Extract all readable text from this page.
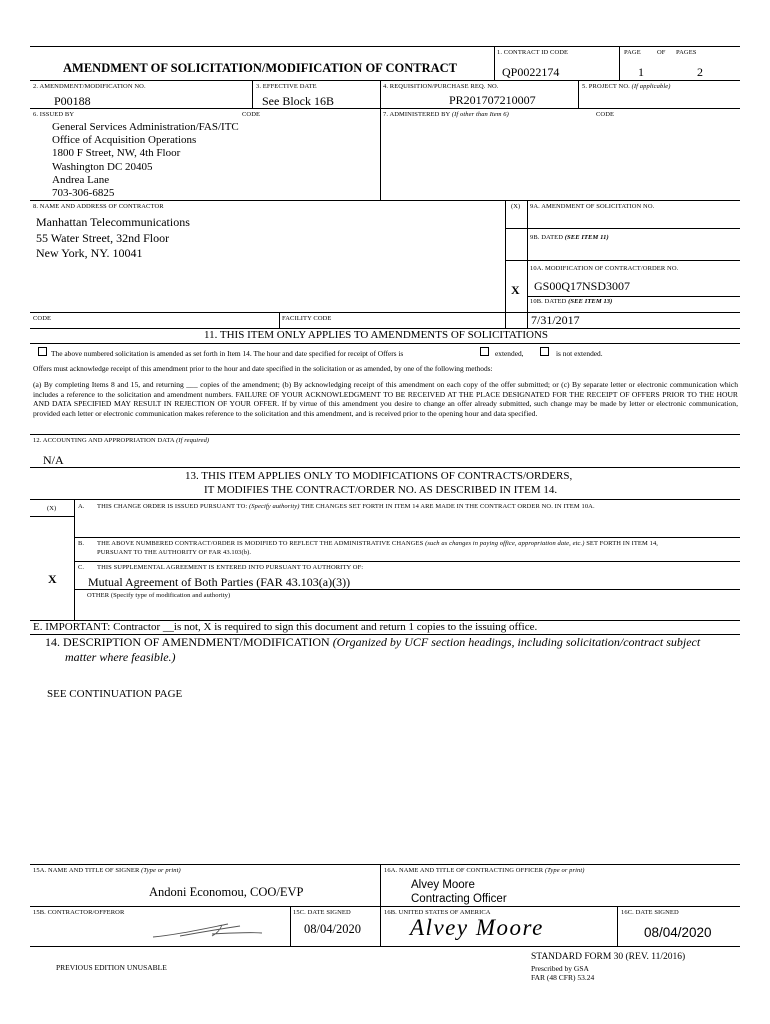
AMENDMENT OF SOLICITATION/MODIFICATION OF CONTRACT
1. CONTRACT ID CODE
QP0022174
PAGE OF PAGES
1	2
2. AMENDMENT/MODIFICATION NO.
P00188
3. EFFECTIVE DATE
See Block 16B
4. REQUISITION/PURCHASE REQ. NO.
PR201707210007
5. PROJECT NO. (If applicable)
6. ISSUED BY	CODE
General Services Administration/FAS/ITC
Office of Acquisition Operations
1800 F Street, NW, 4th Floor
Washington DC 20405
Andrea Lane
703-306-6825
7. ADMINISTERED BY (If other than Item 6)	CODE
8. NAME AND ADDRESS OF CONTRACTOR
Manhattan Telecommunications
55 Water Street, 32nd Floor
New York, NY. 10041
(X) 9A. AMENDMENT OF SOLICITATION NO.
9B. DATED (SEE ITEM 11)
10A. MODIFICATION OF CONTRACT/ORDER NO.
X GS00Q17NSD3007
10B. DATED (SEE ITEM 13)
7/31/2017
CODE	FACILITY CODE
11. THIS ITEM ONLY APPLIES TO AMENDMENTS OF SOLICITATIONS
The above numbered solicitation is amended as set forth in Item 14. The hour and date specified for receipt of Offers is	extended,	is not extended.
Offers must acknowledge receipt of this amendment prior to the hour and date specified in the solicitation or as amended, by one of the following methods:
(a) By completing Items 8 and 15, and returning ___ copies of the amendment; (b) By acknowledging receipt of this amendment on each copy of the offer submitted; or (c) By separate letter or electronic communication which includes a reference to the solicitation and amendment numbers. FAILURE OF YOUR ACKNOWLEDGMENT TO BE RECEIVED AT THE PLACE DESIGNATED FOR THE RECEIPT OF OFFERS PRIOR TO THE HOUR AND DATA SPECIFIED MAY RESULT IN REJECTION OF YOUR OFFER. If by virtue of this amendment you desire to change an offer already submitted, such change may be made by letter or electronic communication, provided each letter or electronic communication makes reference to the solicitation and this amendment, and is received prior to the opening hour and data specified.
12. ACCOUNTING AND APPROPRIATION DATA (If required)
N/A
13. THIS ITEM APPLIES ONLY TO MODIFICATIONS OF CONTRACTS/ORDERS,
IT MODIFIES THE CONTRACT/ORDER NO. AS DESCRIBED IN ITEM 14.
(X)	A. THIS CHANGE ORDER IS ISSUED PURSUANT TO: (Specify authority) THE CHANGES SET FORTH IN ITEM 14 ARE MADE IN THE CONTRACT ORDER NO. IN ITEM 10A.
B. THE ABOVE NUMBERED CONTRACT/ORDER IS MODIFIED TO REFLECT THE ADMINISTRATIVE CHANGES (such as changes in paying office, appropriation date, etc.) SET FORTH IN ITEM 14,
PURSUANT TO THE AUTHORITY OF FAR 43.103(b).
C. THIS SUPPLEMENTAL AGREEMENT IS ENTERED INTO PURSUANT TO AUTHORITY OF:
X	Mutual Agreement of Both Parties (FAR 43.103(a)(3))
OTHER (Specify type of modification and authority)
E. IMPORTANT: Contractor __is not, X is required to sign this document and return 1 copies to the issuing office.
14. DESCRIPTION OF AMENDMENT/MODIFICATION (Organized by UCF section headings, including solicitation/contract subject
matter where feasible.)
SEE CONTINUATION PAGE
15A. NAME AND TITLE OF SIGNER (Type or print)
Andoni Economou, COO/EVP
16A. NAME AND TITLE OF CONTRACTING OFFICER (Type or print)
Alvey Moore
Contracting Officer
15B. CONTRACTOR/OFFEROR	15C. DATE SIGNED
08/04/2020
16B. UNITED STATES OF AMERICA
Alvey Moore
16C. DATE SIGNED
08/04/2020
PREVIOUS EDITION UNUSABLE
STANDARD FORM 30 (REV. 11/2016)
Prescribed by GSA
FAR (48 CFR) 53.24
